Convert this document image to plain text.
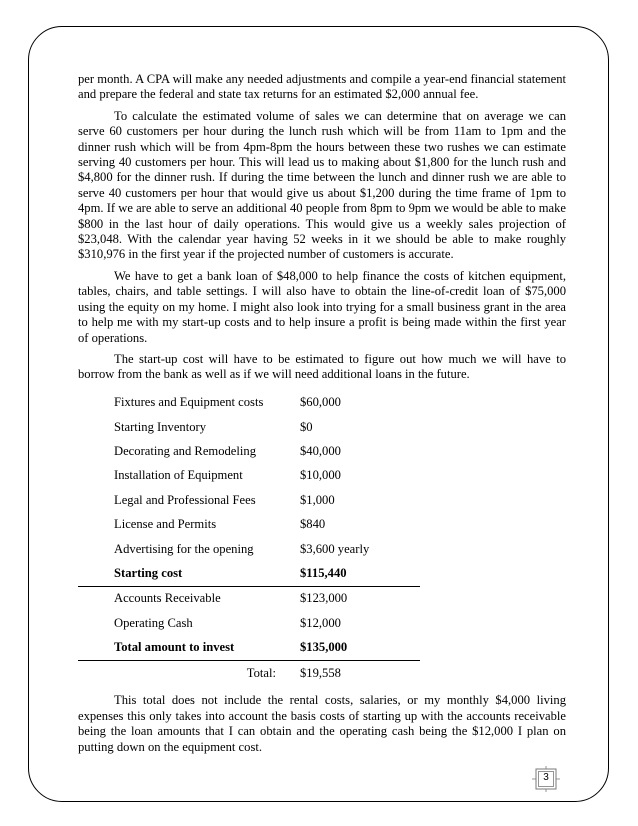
per month. A CPA will make any needed adjustments and compile a year-end financial statement and prepare the federal and state tax returns for an estimated $2,000 annual fee.

To calculate the estimated volume of sales we can determine that on average we can serve 60 customers per hour during the lunch rush which will be from 11am to 1pm and the dinner rush which will be from 4pm-8pm the hours between these two rushes we can estimate serving 40 customers per hour. This will lead us to making about $1,800 for the lunch rush and $4,800 for the dinner rush. If during the time between the lunch and dinner rush we are able to serve 40 customers per hour that would give us about $1,200 during the time frame of 1pm to 4pm. If we are able to serve an additional 40 people from 8pm to 9pm we would be able to make $800 in the last hour of daily operations. This would give us a weekly sales projection of $23,048. With the calendar year having 52 weeks in it we should be able to make roughly $310,976 in the first year if the projected number of customers is accurate.

We have to get a bank loan of $48,000 to help finance the costs of kitchen equipment, tables, chairs, and table settings. I will also have to obtain the line-of-credit loan of $75,000 using the equity on my home. I might also look into trying for a small business grant in the area to help me with my start-up costs and to help insure a profit is being made within the first year of operations.

The start-up cost will have to be estimated to figure out how much we will have to borrow from the bank as well as if we will need additional loans in the future.

Fixtures and Equipment costs	$60,000
Starting Inventory	$0
Decorating and Remodeling	$40,000
Installation of Equipment	$10,000
Legal and Professional Fees	$1,000
License and Permits	$840
Advertising for the opening	$3,600 yearly
Starting cost	$115,440
Accounts Receivable	$123,000
Operating Cash	$12,000
Total amount to invest	$135,000
Total:	$19,558

This total does not include the rental costs, salaries, or my monthly $4,000 living expenses this only takes into account the basis costs of starting up with the accounts receivable being the loan amounts that I can obtain and the operating cash being the $12,000 I plan on putting down on the equipment cost.

3
